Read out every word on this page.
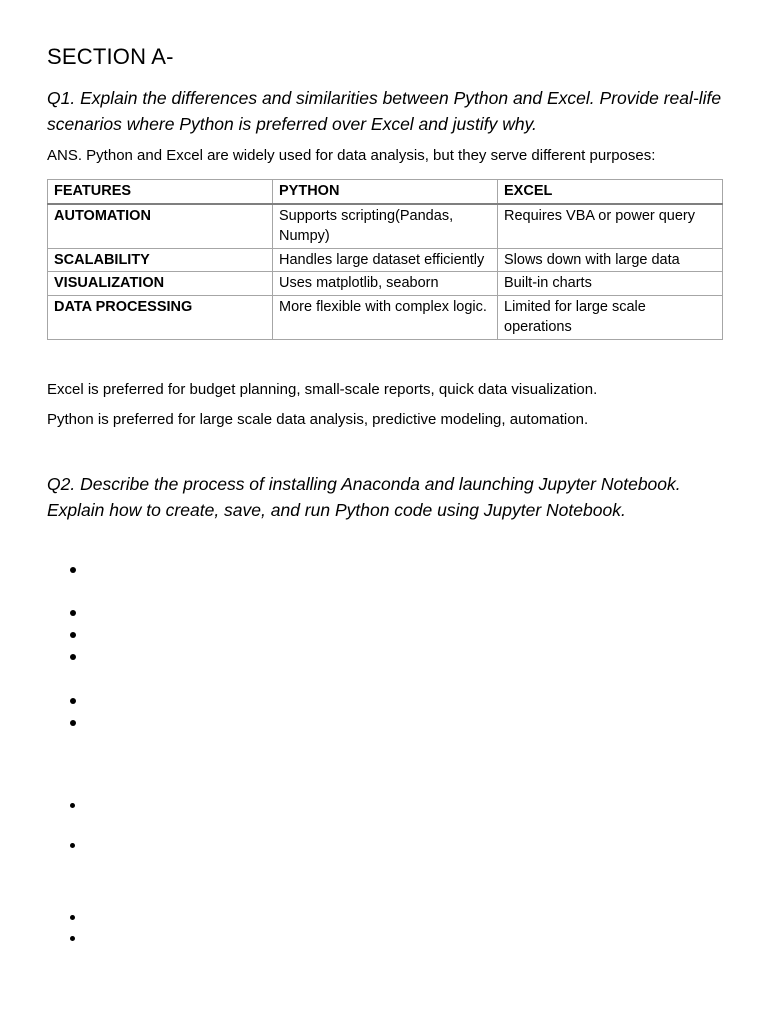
SECTION A-
Q1. Explain the differences and similarities between Python and Excel. Provide real-life scenarios where Python is preferred over Excel and justify why.
ANS. Python and Excel are widely used for data analysis, but they serve different purposes:
FEATURES	PYTHON	EXCEL
AUTOMATION	Supports scripting(Pandas, Numpy)	Requires VBA or power query
SCALABILITY	Handles large dataset efficiently	Slows down with large data
VISUALIZATION	Uses matplotlib, seaborn	Built-in charts
DATA PROCESSING	More flexible with complex logic.	Limited for large scale operations
Excel is preferred for budget planning, small-scale reports, quick data visualization.
Python is preferred for large scale data analysis, predictive modeling, automation.
Q2. Describe the process of installing Anaconda and launching Jupyter Notebook. Explain how to create, save, and run Python code using Jupyter Notebook.
